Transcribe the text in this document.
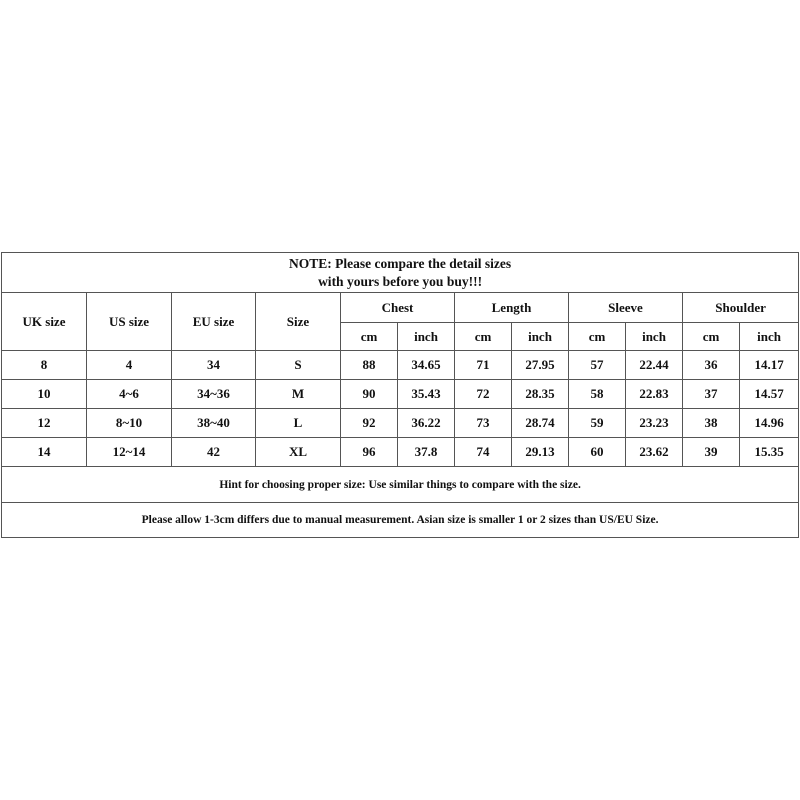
NOTE: Please compare the detail sizes
with yours before you buy!!!											

UK size	US size	EU size	Size	Chest		Length		Sleeve		Shoulder	
				cm	inch	cm	inch	cm	inch	cm	inch
8	4	34	S	88	34.65	71	27.95	57	22.44	36	14.17
10	4~6	34~36	M	90	35.43	72	28.35	58	22.83	37	14.57
12	8~10	38~40	L	92	36.22	73	28.74	59	23.23	38	14.96
14	12~14	42	XL	96	37.8	74	29.13	60	23.62	39	15.35
Hint for choosing proper size: Use similar things to compare with the size.											
Please allow 1-3cm differs due to manual measurement. Asian size is smaller 1 or 2 sizes than US/EU Size.											
